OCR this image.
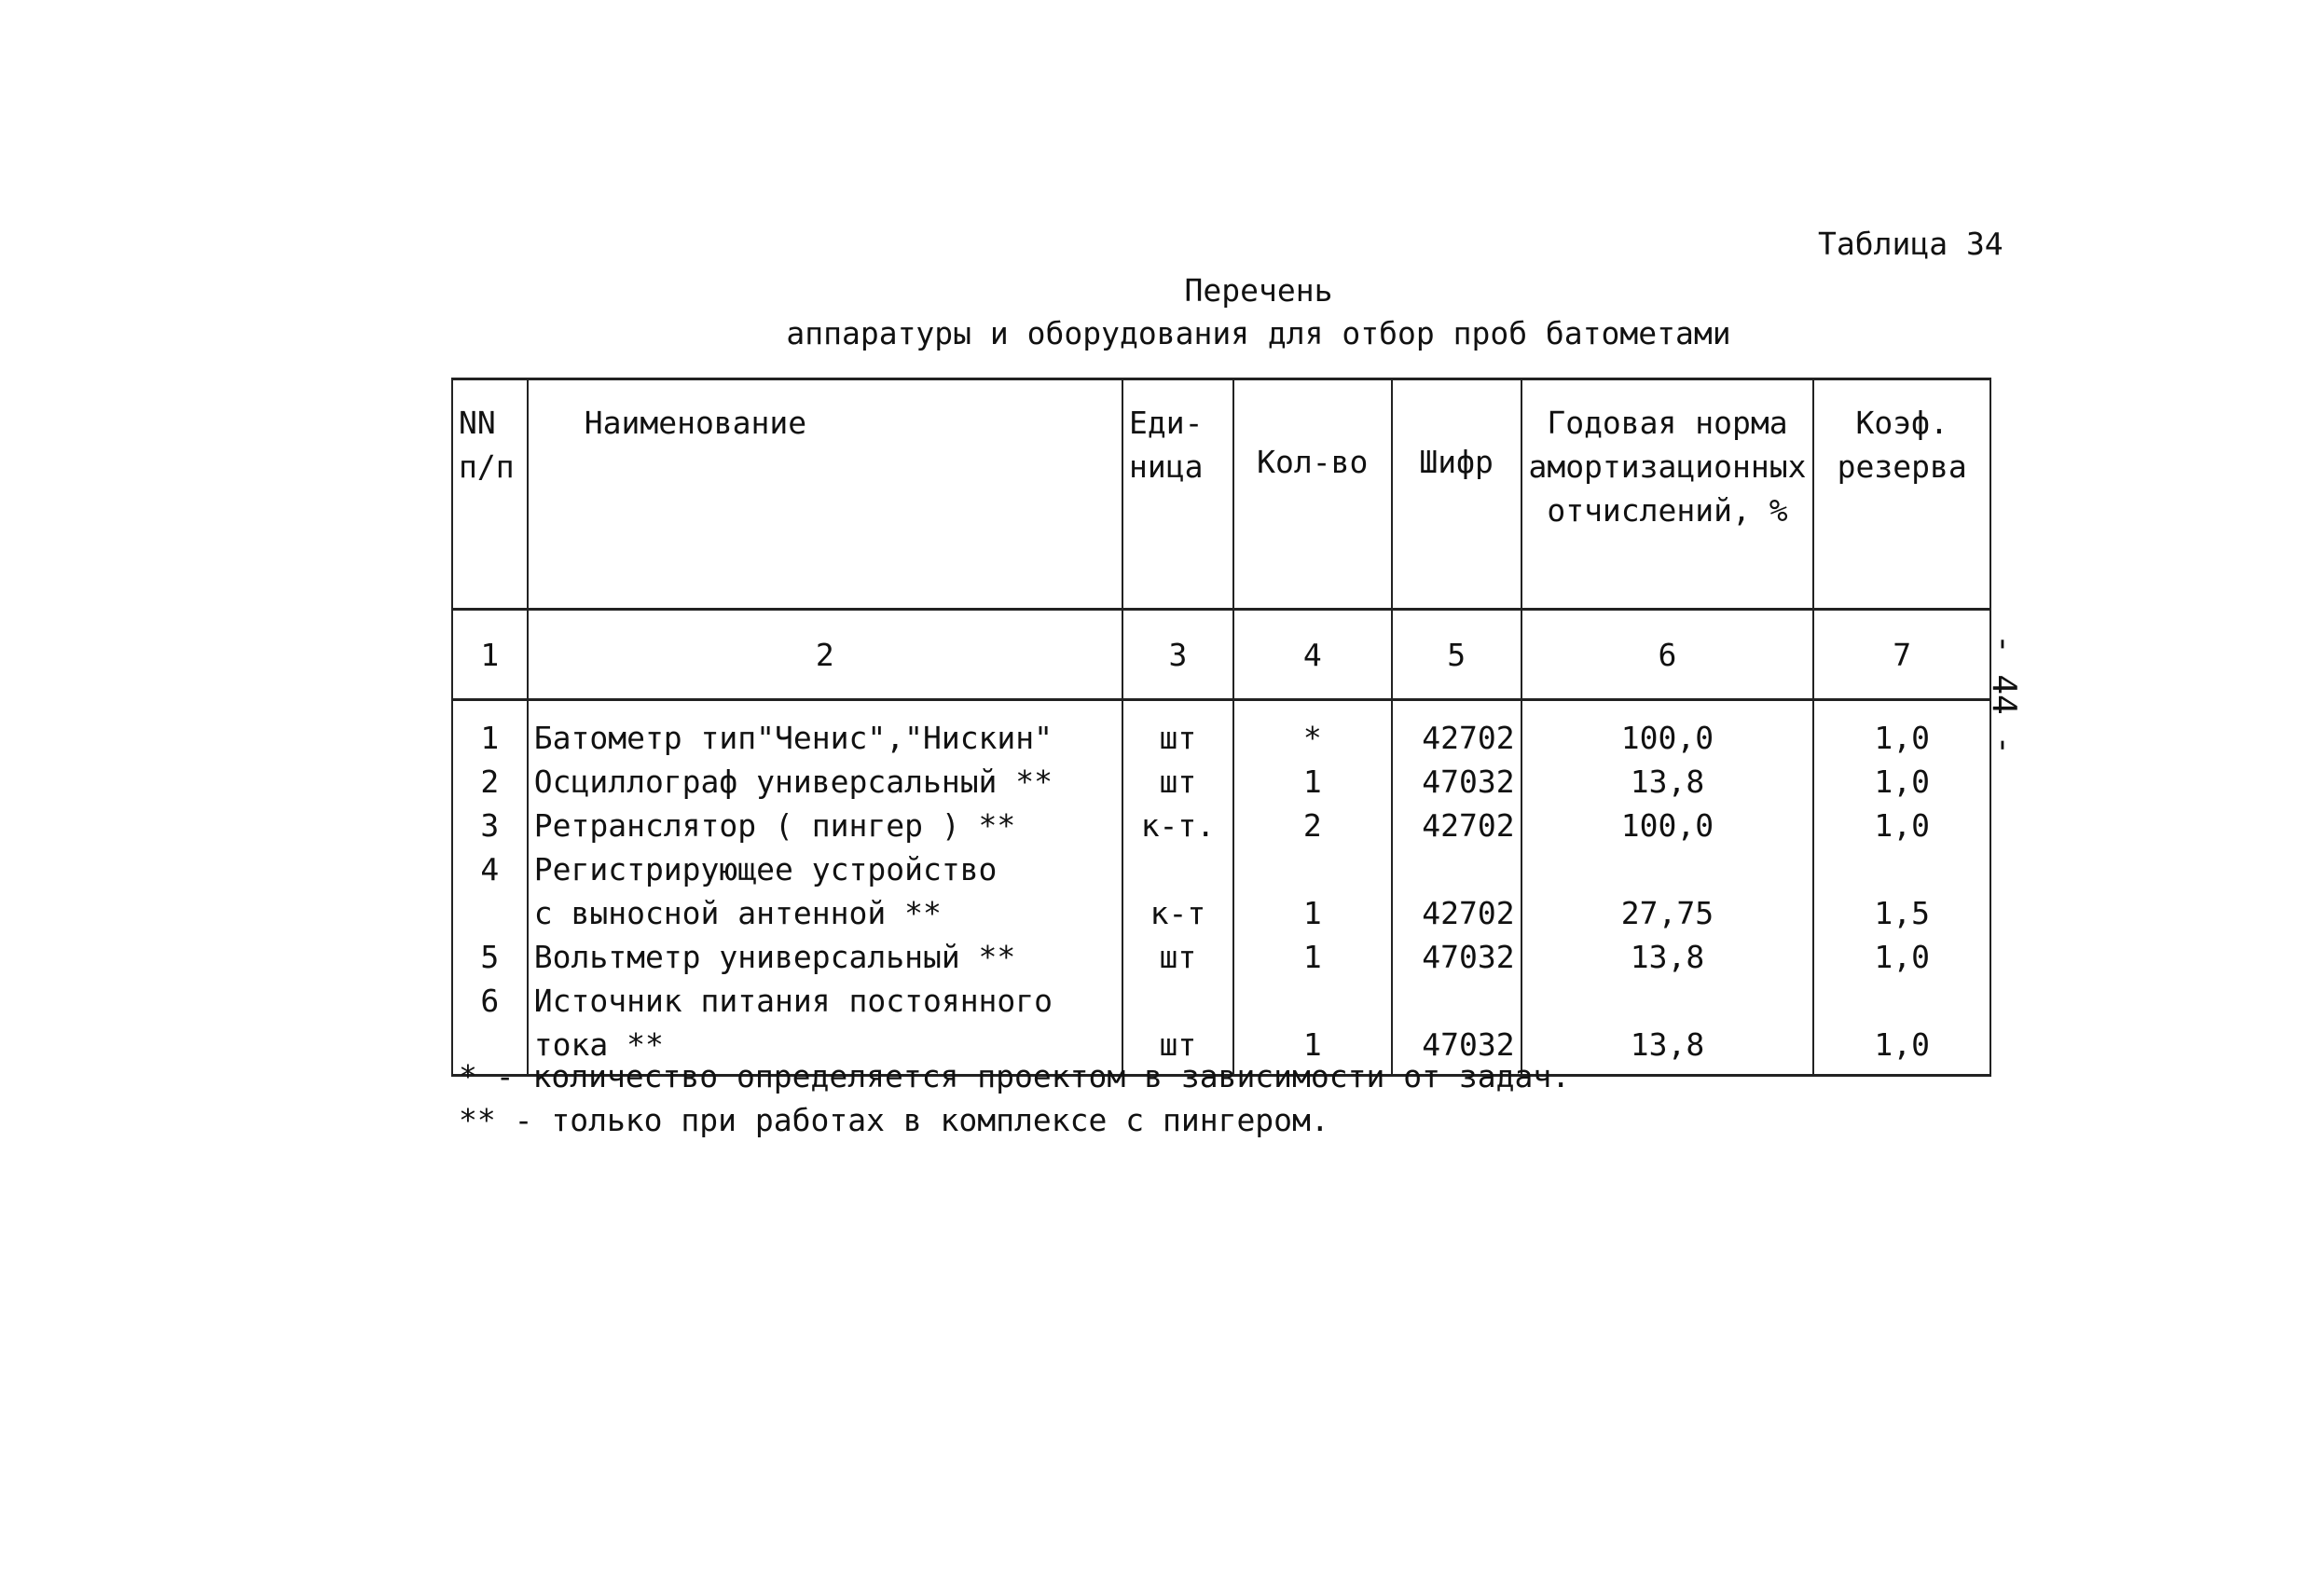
Таблица 34
Перечень
аппаратуры и оборудования для отбор проб батометами
NN п/п	Наименование	Еди-ница	Кол-во	Шифр	Годовая норма амортизационных отчислений, %	Коэф. резерва
1	2	3	4	5	6	7
1	Батометр тип"Ченис","Нискин"	шт	*	42702	100,0	1,0
2	Осциллограф универсальный **	шт	1	47032	13,8	1,0
3	Ретранслятор ( пингер ) **	к-т.	2	42702	100,0	1,0
4	Регистрирующее устройство					
	с выносной антенной **	к-т	1	42702	27,75	1,5
5	Вольтметр универсальный **	шт	1	47032	13,8	1,0
6	Источник питания постоянного					
	тока **	шт	1	47032	13,8	1,0
* - количество определяется проектом в зависимости от задач.
** - только при работах в комплексе с пингером.
- 44 -
